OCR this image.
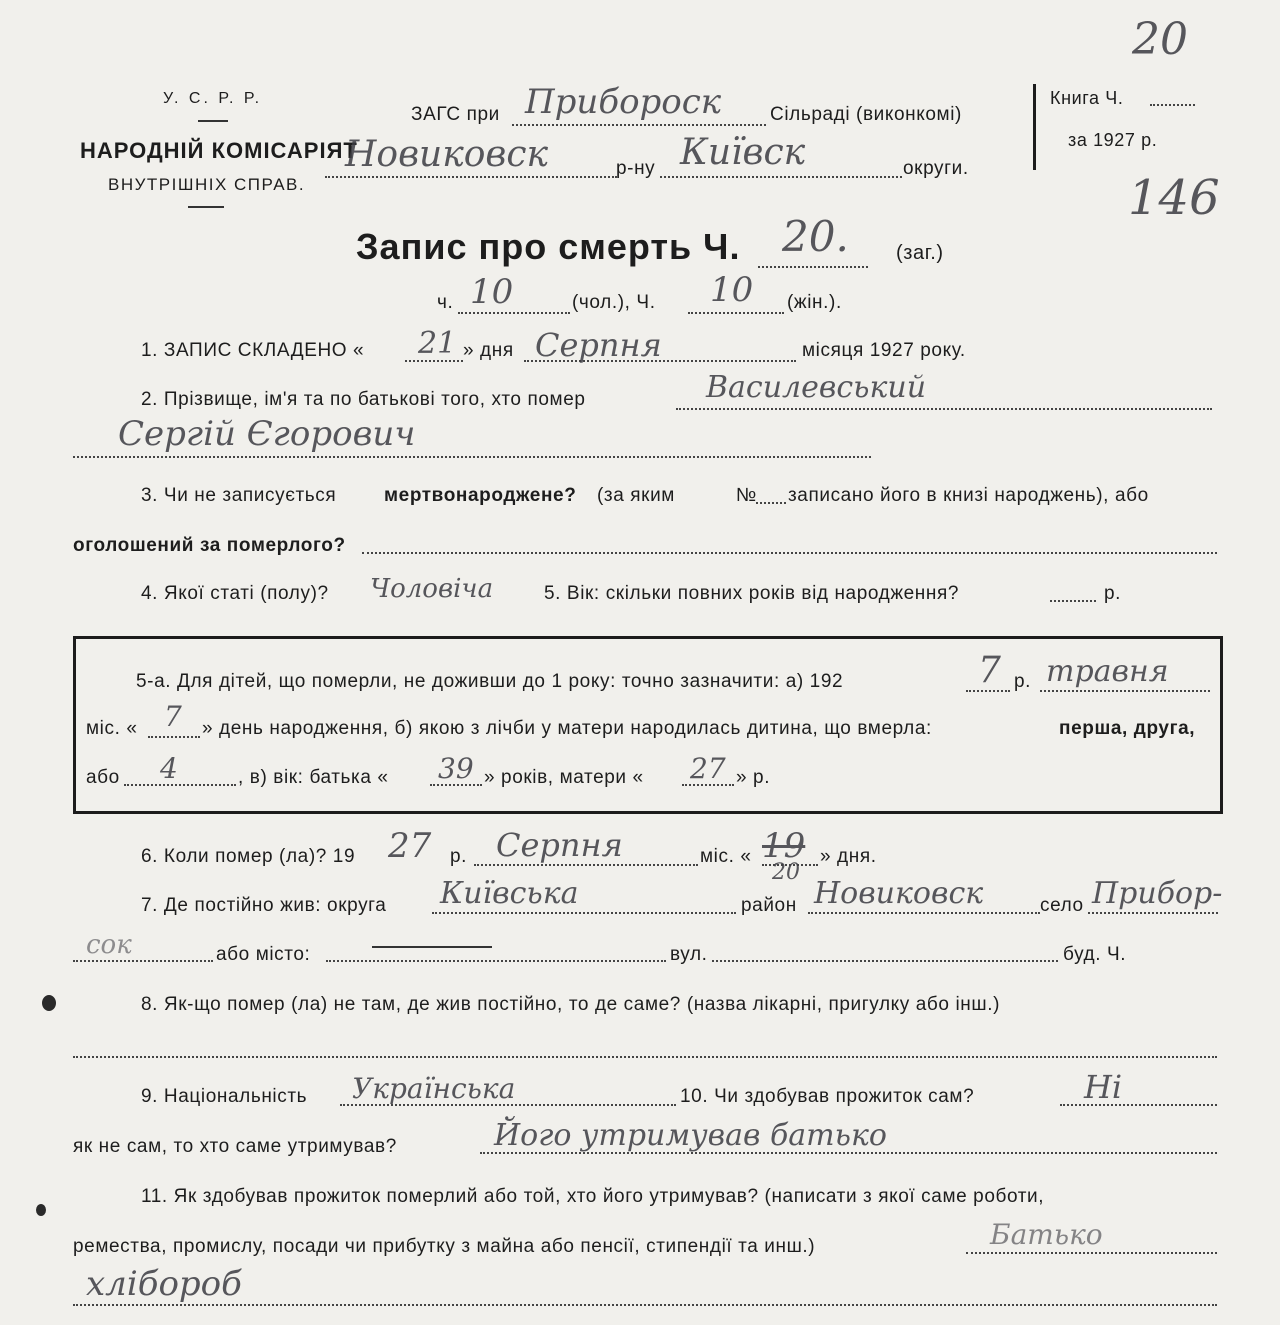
У. С. Р. Р.
НАРОДНІЙ КОМІСАРІЯТ
ВНУТРІШНІХ СПРАВ.
ЗАГС при Прибороск	Сільраді (виконкомі)
Новиковск	р-ну Київск	округи.
Книга Ч.
за 1927 р.
20
146
Запис про смерть Ч. 20. (заг.)
ч. 10	(чол.), Ч. 10 (жін.).
1. ЗАПИС СКЛАДЕНО « 21 » дня Серпня	місяця 1927 року.
2. Прізвище, ім'я та по батькові того, хто помер	Василевський
Сергій Єгорович
3. Чи не записується	мертвонароджене? (за яким	№ записано його в книзі народжень), або
оголошений за померлого?
4. Якої статі (полу)? Чоловіча	5. Вік: скільки повних років від народження?	р.
5-а. Для дітей, що померли, не доживши до 1 року: точно зазначити: а) 192	7 р. травня
міс. « 7 » день народження, б) якою з лічби у матери народилась дитина, що вмерла:	перша, друга,
або 4	, в) вік: батька « 39 » років, матери « 27 » р.
6. Коли помер (ла)? 19 27 р. Серпня	міс. « 19 » дня.
20
7. Де постійно жив: округа Київська	район Новиковск	село Прибор-
сок	або місто:	вул.	буд. Ч.
8. Як-що помер (ла) не там, де жив постійно, то де саме? (назва лікарні, пригулку або інш.)
9. Національність Українська	10. Чи здобував прожиток сам?	Ні
як не сам, то хто саме утримував?	Його утримував батько
11. Як здобував прожиток померлий або той, хто його утримував? (написати з якої саме роботи,
ремества, промислу, посади чи прибутку з майна або пенсії, стипендії та инш.)	Батько
хлібороб
